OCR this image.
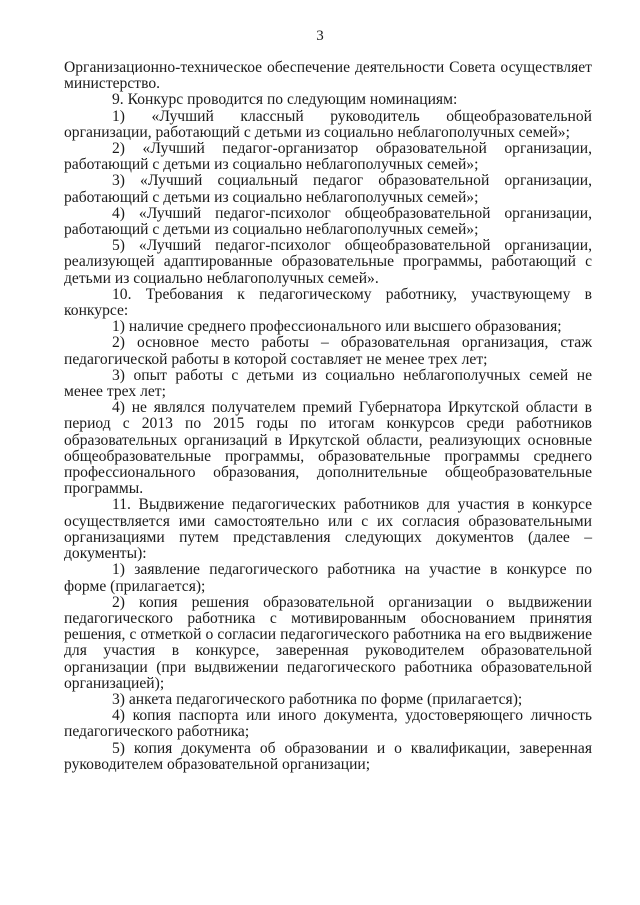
3

Организационно-техническое обеспечение деятельности Совета осуществляет министерство.

9. Конкурс проводится по следующим номинациям:

1) «Лучший классный руководитель общеобразовательной организации, работающий с детьми из социально неблагополучных семей»;

2) «Лучший педагог-организатор образовательной организации, работающий с детьми из социально неблагополучных семей»;

3) «Лучший социальный педагог образовательной организации, работающий с детьми из социально неблагополучных семей»;

4) «Лучший педагог-психолог общеобразовательной организации, работающий с детьми из социально неблагополучных семей»;

5) «Лучший педагог-психолог общеобразовательной организации, реализующей адаптированные образовательные программы, работающий с детьми из социально неблагополучных семей».

10. Требования к педагогическому работнику, участвующему в конкурсе:

1) наличие среднего профессионального или высшего образования;

2) основное место работы – образовательная организация, стаж педагогической работы в которой составляет не менее трех лет;

3) опыт работы с детьми из социально неблагополучных семей не менее трех лет;

4) не являлся получателем премий Губернатора Иркутской области в период с 2013 по 2015 годы по итогам конкурсов среди работников образовательных организаций в Иркутской области, реализующих основные общеобразовательные программы, образовательные программы среднего профессионального образования, дополнительные общеобразовательные программы.

11. Выдвижение педагогических работников для участия в конкурсе осуществляется ими самостоятельно или с их согласия образовательными организациями путем представления следующих документов (далее – документы):

1) заявление педагогического работника на участие в конкурсе по форме (прилагается);

2) копия решения образовательной организации о выдвижении педагогического работника с мотивированным обоснованием принятия решения, с отметкой о согласии педагогического работника на его выдвижение для участия в конкурсе, заверенная руководителем образовательной организации (при выдвижении педагогического работника образовательной организацией);

3) анкета педагогического работника по форме (прилагается);

4) копия паспорта или иного документа, удостоверяющего личность педагогического работника;

5) копия документа об образовании и о квалификации, заверенная руководителем образовательной организации;
